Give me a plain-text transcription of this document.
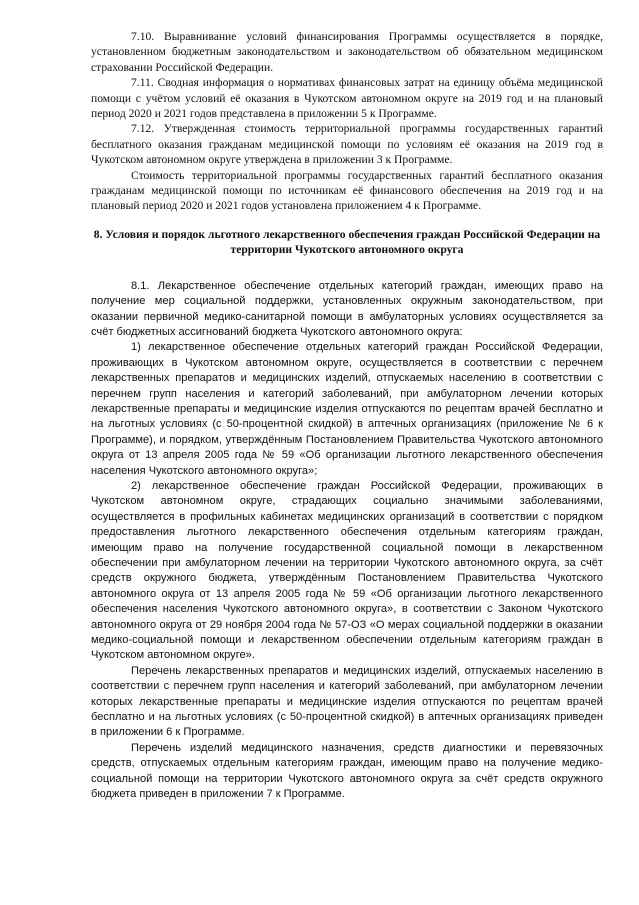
7.10. Выравнивание условий финансирования Программы осуществляется в порядке, установленном бюджетным законодательством и законодательством об обязательном медицинском страховании Российской Федерации.

7.11. Сводная информация о нормативах финансовых затрат на единицу объёма медицинской помощи с учётом условий её оказания в Чукотском автономном округе на 2019 год и на плановый период 2020 и 2021 годов представлена в приложении 5 к Программе.

7.12. Утвержденная стоимость территориальной программы государственных гарантий бесплатного оказания гражданам медицинской помощи по условиям её оказания на 2019 год в Чукотском автономном округе утверждена в приложении 3 к Программе.

Стоимость территориальной программы государственных гарантий бесплатного оказания гражданам медицинской помощи по источникам её финансового обеспечения на 2019 год и на плановый период 2020 и 2021 годов установлена приложением 4 к Программе.

8. Условия и порядок льготного лекарственного обеспечения граждан Российской Федерации на территории Чукотского автономного округа

8.1. Лекарственное обеспечение отдельных категорий граждан, имеющих право на получение мер социальной поддержки, установленных окружным законодательством, при оказании первичной медико-санитарной помощи в амбулаторных условиях осуществляется за счёт бюджетных ассигнований бюджета Чукотского автономного округа:

1) лекарственное обеспечение отдельных категорий граждан Российской Федерации, проживающих в Чукотском автономном округе, осуществляется в соответствии с перечнем лекарственных препаратов и медицинских изделий, отпускаемых населению в соответствии с перечнем групп населения и категорий заболеваний, при амбулаторном лечении которых лекарственные препараты и медицинские изделия отпускаются по рецептам врачей бесплатно и на льготных условиях (с 50-процентной скидкой) в аптечных организациях (приложение № 6 к Программе), и порядком, утверждённым Постановлением Правительства Чукотского автономного округа от 13 апреля 2005 года № 59 «Об организации льготного лекарственного обеспечения населения Чукотского автономного округа»;

2) лекарственное обеспечение граждан Российской Федерации, проживающих в Чукотском автономном округе, страдающих социально значимыми заболеваниями, осуществляется в профильных кабинетах медицинских организаций в соответствии с порядком предоставления льготного лекарственного обеспечения отдельным категориям граждан, имеющим право на получение государственной социальной помощи в лекарственном обеспечении при амбулаторном лечении на территории Чукотского автономного округа, за счёт средств окружного бюджета, утверждённым Постановлением Правительства Чукотского автономного округа от 13 апреля 2005 года № 59 «Об организации льготного лекарственного обеспечения населения Чукотского автономного округа», в соответствии с Законом Чукотского автономного округа от 29 ноября 2004 года № 57-ОЗ «О мерах социальной поддержки в оказании медико-социальной помощи и лекарственном обеспечении отдельным категориям граждан в Чукотском автономном округе».

Перечень лекарственных препаратов и медицинских изделий, отпускаемых населению в соответствии с перечнем групп населения и категорий заболеваний, при амбулаторном лечении которых лекарственные препараты и медицинские изделия отпускаются по рецептам врачей бесплатно и на льготных условиях (с 50-процентной скидкой) в аптечных организациях приведен в приложении 6 к Программе.

Перечень изделий медицинского назначения, средств диагностики и перевязочных средств, отпускаемых отдельным категориям граждан, имеющим право на получение медико-социальной помощи на территории Чукотского автономного округа за счёт средств окружного бюджета приведен в приложении 7 к Программе.
